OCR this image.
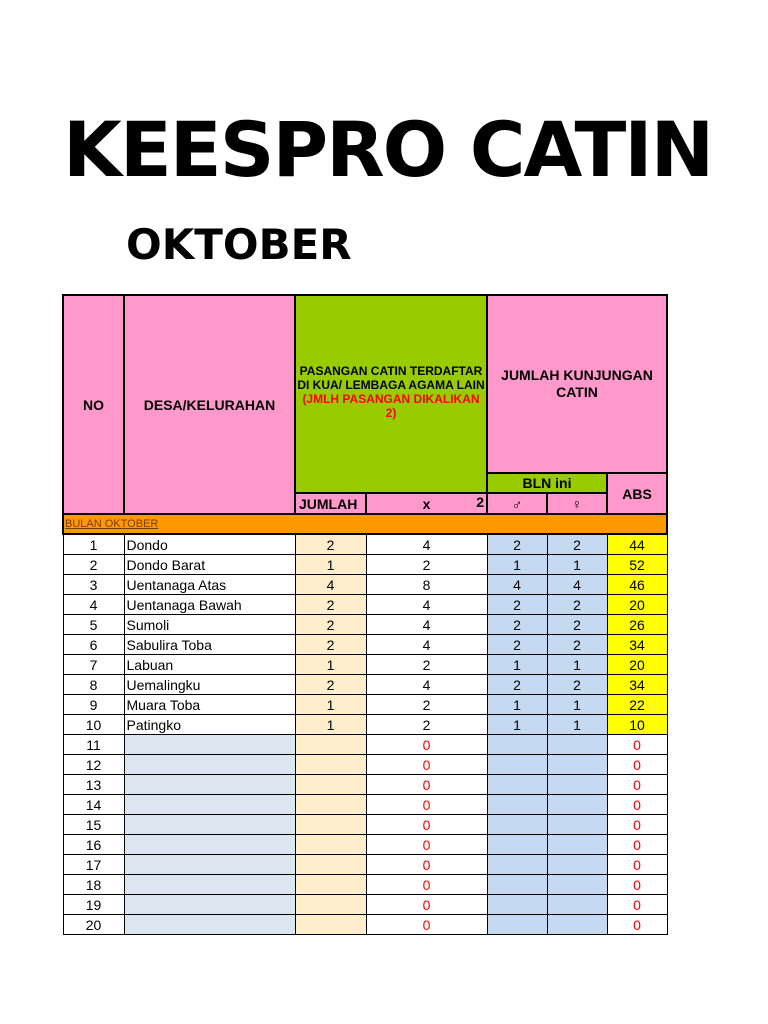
KEESPRO CATIN
OKTOBER
NO	DESA/KELURAHAN	PASANGAN CATIN TERDAFTAR DI KUA/ LEMBAGA AGAMA LAIN (JMLH PASANGAN DIKALIKAN 2)		JUMLAH KUNJUNGAN CATIN		
				BLN ini		ABS
		JUMLAH	x 2	♂	♀	
BULAN OKTOBER						
1	Dondo	2	4	2	2	44
2	Dondo Barat	1	2	1	1	52
3	Uentanaga Atas	4	8	4	4	46
4	Uentanaga Bawah	2	4	2	2	20
5	Sumoli	2	4	2	2	26
6	Sabulira Toba	2	4	2	2	34
7	Labuan	1	2	1	1	20
8	Uemalingku	2	4	2	2	34
9	Muara Toba	1	2	1	1	22
10	Patingko	1	2	1	1	10
11			0			0
12			0			0
13			0			0
14			0			0
15			0			0
16			0			0
17			0			0
18			0			0
19			0			0
20			0			0
